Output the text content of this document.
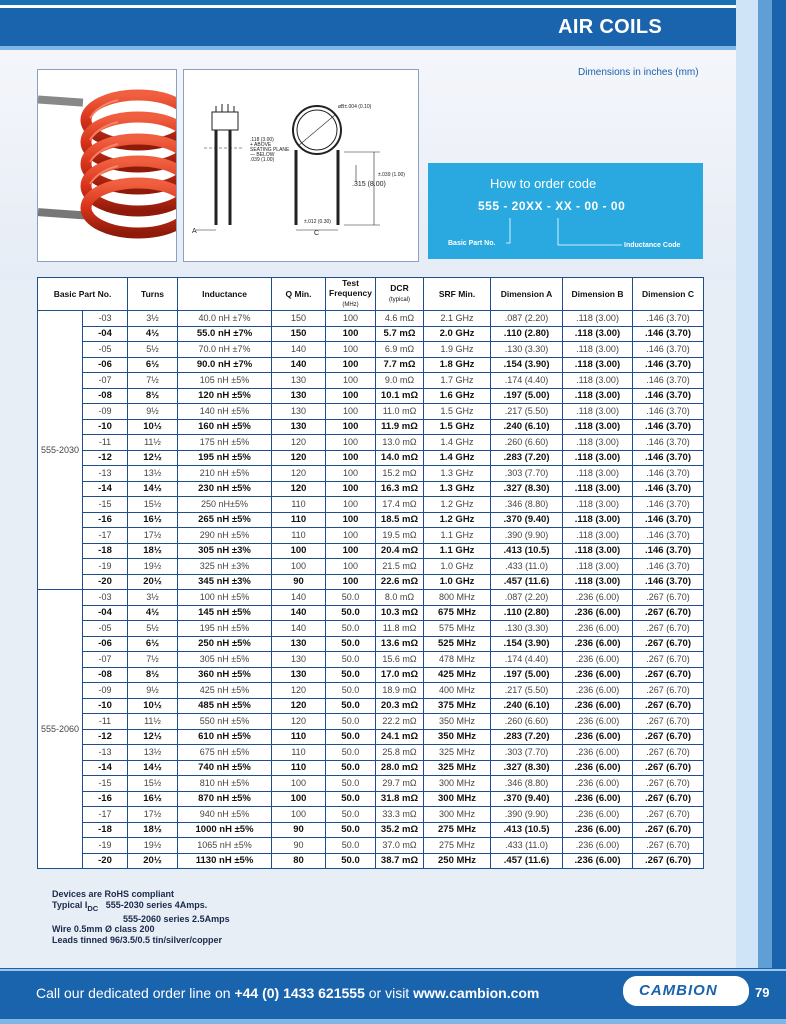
AIR COILS
A
øB±.004 (0.10)
.118 (3.00)
+ ABOVE
SEATING PLANE
— BELOW
.039 (1.00)
±.039 (1.00)
±.012 (0.30)
C
.315 (8.00)
Dimensions in inches (mm)
How to order code
555 - 20XX - XX - 00 - 00
Basic Part No.	Inductance Code
Basic Part No.		Turns	Inductance	Q Min.	Test Frequency
(MHz)	DCR
(typical)	SRF Min.	Dimension A	Dimension B	Dimension C
555-2030	-03	3½	40.0 nH ±7%	150	100	4.6 mΩ	2.1 GHz	.087 (2.20)	.118 (3.00)	.146 (3.70)
	-04	4½	55.0 nH ±7%	150	100	5.7 mΩ	2.0 GHz	.110 (2.80)	.118 (3.00)	.146 (3.70)
	-05	5½	70.0 nH ±7%	140	100	6.9 mΩ	1.9 GHz	.130 (3.30)	.118 (3.00)	.146 (3.70)
	-06	6½	90.0 nH ±7%	140	100	7.7 mΩ	1.8 GHz	.154 (3.90)	.118 (3.00)	.146 (3.70)
	-07	7½	105 nH ±5%	130	100	9.0 mΩ	1.7 GHz	.174 (4.40)	.118 (3.00)	.146 (3.70)
	-08	8½	120 nH ±5%	130	100	10.1 mΩ	1.6 GHz	.197 (5.00)	.118 (3.00)	.146 (3.70)
	-09	9½	140 nH ±5%	130	100	11.0 mΩ	1.5 GHz	.217 (5.50)	.118 (3.00)	.146 (3.70)
	-10	10½	160 nH ±5%	130	100	11.9 mΩ	1.5 GHz	.240 (6.10)	.118 (3.00)	.146 (3.70)
	-11	11½	175 nH ±5%	120	100	13.0 mΩ	1.4 GHz	.260 (6.60)	.118 (3.00)	.146 (3.70)
	-12	12½	195 nH ±5%	120	100	14.0 mΩ	1.4 GHz	.283 (7.20)	.118 (3.00)	.146 (3.70)
	-13	13½	210 nH ±5%	120	100	15.2 mΩ	1.3 GHz	.303 (7.70)	.118 (3.00)	.146 (3.70)
	-14	14½	230 nH ±5%	120	100	16.3 mΩ	1.3 GHz	.327 (8.30)	.118 (3.00)	.146 (3.70)
	-15	15½	250 nH±5%	110	100	17.4 mΩ	1.2 GHz	.346 (8.80)	.118 (3.00)	.146 (3.70)
	-16	16½	265 nH ±5%	110	100	18.5 mΩ	1.2 GHz	.370 (9.40)	.118 (3.00)	.146 (3.70)
	-17	17½	290 nH ±5%	110	100	19.5 mΩ	1.1 GHz	.390 (9.90)	.118 (3.00)	.146 (3.70)
	-18	18½	305 nH ±3%	100	100	20.4 mΩ	1.1 GHz	.413 (10.5)	.118 (3.00)	.146 (3.70)
	-19	19½	325 nH ±3%	100	100	21.5 mΩ	1.0 GHz	.433 (11.0)	.118 (3.00)	.146 (3.70)
	-20	20½	345 nH ±3%	90	100	22.6 mΩ	1.0 GHz	.457 (11.6)	.118 (3.00)	.146 (3.70)
555-2060	-03	3½	100 nH ±5%	140	50.0	8.0 mΩ	800 MHz	.087 (2.20)	.236 (6.00)	.267 (6.70)
	-04	4½	145 nH ±5%	140	50.0	10.3 mΩ	675 MHz	.110 (2.80)	.236 (6.00)	.267 (6.70)
	-05	5½	195 nH ±5%	140	50.0	11.8 mΩ	575 MHz	.130 (3.30)	.236 (6.00)	.267 (6.70)
	-06	6½	250 nH ±5%	130	50.0	13.6 mΩ	525 MHz	.154 (3.90)	.236 (6.00)	.267 (6.70)
	-07	7½	305 nH ±5%	130	50.0	15.6 mΩ	478 MHz	.174 (4.40)	.236 (6.00)	.267 (6.70)
	-08	8½	360 nH ±5%	130	50.0	17.0 mΩ	425 MHz	.197 (5.00)	.236 (6.00)	.267 (6.70)
	-09	9½	425 nH ±5%	120	50.0	18.9 mΩ	400 MHz	.217 (5.50)	.236 (6.00)	.267 (6.70)
	-10	10½	485 nH ±5%	120	50.0	20.3 mΩ	375 MHz	.240 (6.10)	.236 (6.00)	.267 (6.70)
	-11	11½	550 nH ±5%	120	50.0	22.2 mΩ	350 MHz	.260 (6.60)	.236 (6.00)	.267 (6.70)
	-12	12½	610 nH ±5%	110	50.0	24.1 mΩ	350 MHz	.283 (7.20)	.236 (6.00)	.267 (6.70)
	-13	13½	675 nH ±5%	110	50.0	25.8 mΩ	325 MHz	.303 (7.70)	.236 (6.00)	.267 (6.70)
	-14	14½	740 nH ±5%	110	50.0	28.0 mΩ	325 MHz	.327 (8.30)	.236 (6.00)	.267 (6.70)
	-15	15½	810 nH ±5%	100	50.0	29.7 mΩ	300 MHz	.346 (8.80)	.236 (6.00)	.267 (6.70)
	-16	16½	870 nH ±5%	100	50.0	31.8 mΩ	300 MHz	.370 (9.40)	.236 (6.00)	.267 (6.70)
	-17	17½	940 nH ±5%	100	50.0	33.3 mΩ	300 MHz	.390 (9.90)	.236 (6.00)	.267 (6.70)
	-18	18½	1000 nH ±5%	90	50.0	35.2 mΩ	275 MHz	.413 (10.5)	.236 (6.00)	.267 (6.70)
	-19	19½	1065 nH ±5%	90	50.0	37.0 mΩ	275 MHz	.433 (11.0)	.236 (6.00)	.267 (6.70)
	-20	20½	1130 nH ±5%	80	50.0	38.7 mΩ	250 MHz	.457 (11.6)	.236 (6.00)	.267 (6.70)
Devices are RoHS compliant
Typical $I_{DC}$ 555-2030 series 4Amps.
555-2060 series 2.5Amps
Wire 0.5mm Ø class 200
Leads tinned 96/3.5/0.5 tin/silver/copper
Call our dedicated order line on +44 (0) 1433 621555 or visit www.cambion.com	CAMBION	79
